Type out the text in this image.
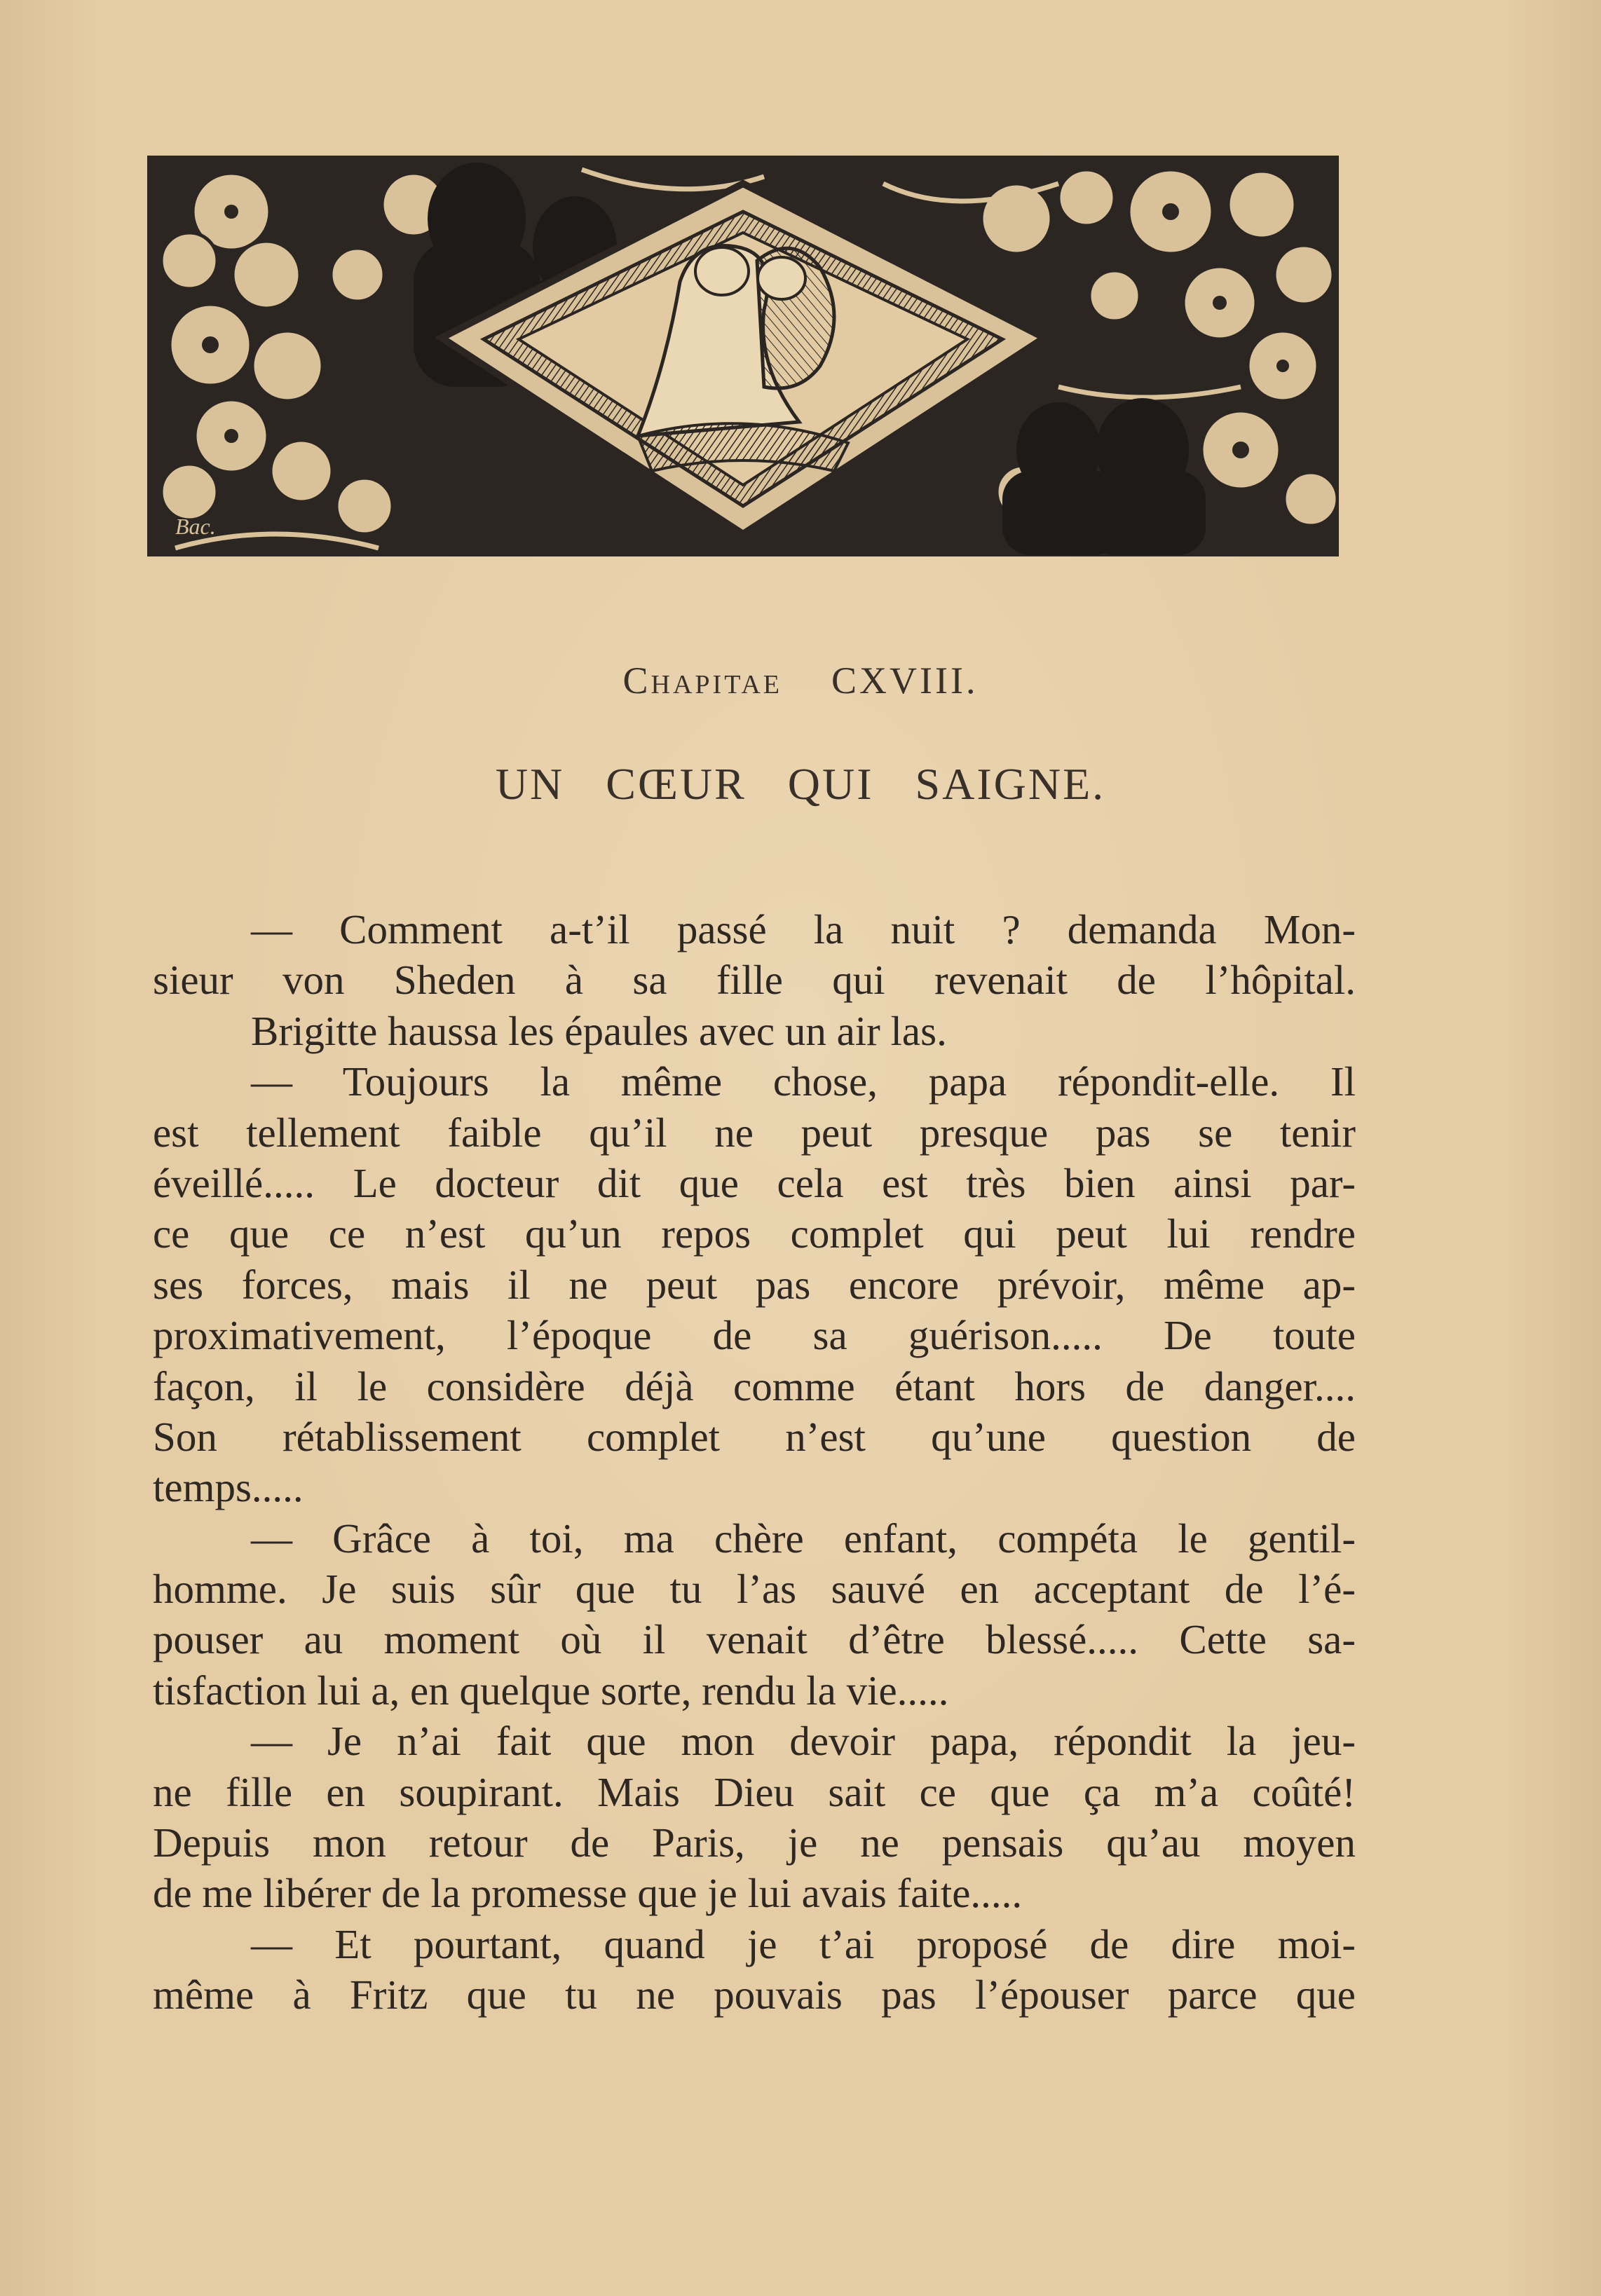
Bac.
Chapitae CXVIII.
UN CŒUR QUI SAIGNE.
— Comment a-t’il passé la nuit ? demanda Mon-
sieur von Sheden à sa fille qui revenait de l’hôpital.
Brigitte haussa les épaules avec un air las.
— Toujours la même chose, papa répondit-elle. Il
est tellement faible qu’il ne peut presque pas se tenir
éveillé..... Le docteur dit que cela est très bien ainsi par-
ce que ce n’est qu’un repos complet qui peut lui rendre
ses forces, mais il ne peut pas encore prévoir, même ap-
proximativement, l’époque de sa guérison..... De toute
façon, il le considère déjà comme étant hors de danger....
Son rétablissement complet n’est qu’une question de
temps.....
— Grâce à toi, ma chère enfant, compéta le gentil-
homme. Je suis sûr que tu l’as sauvé en acceptant de l’é-
pouser au moment où il venait d’être blessé..... Cette sa-
tisfaction lui a, en quelque sorte, rendu la vie.....
— Je n’ai fait que mon devoir papa, répondit la jeu-
ne fille en soupirant. Mais Dieu sait ce que ça m’a coûté!
Depuis mon retour de Paris, je ne pensais qu’au moyen
de me libérer de la promesse que je lui avais faite.....
— Et pourtant, quand je t’ai proposé de dire moi-
même à Fritz que tu ne pouvais pas l’épouser parce que
